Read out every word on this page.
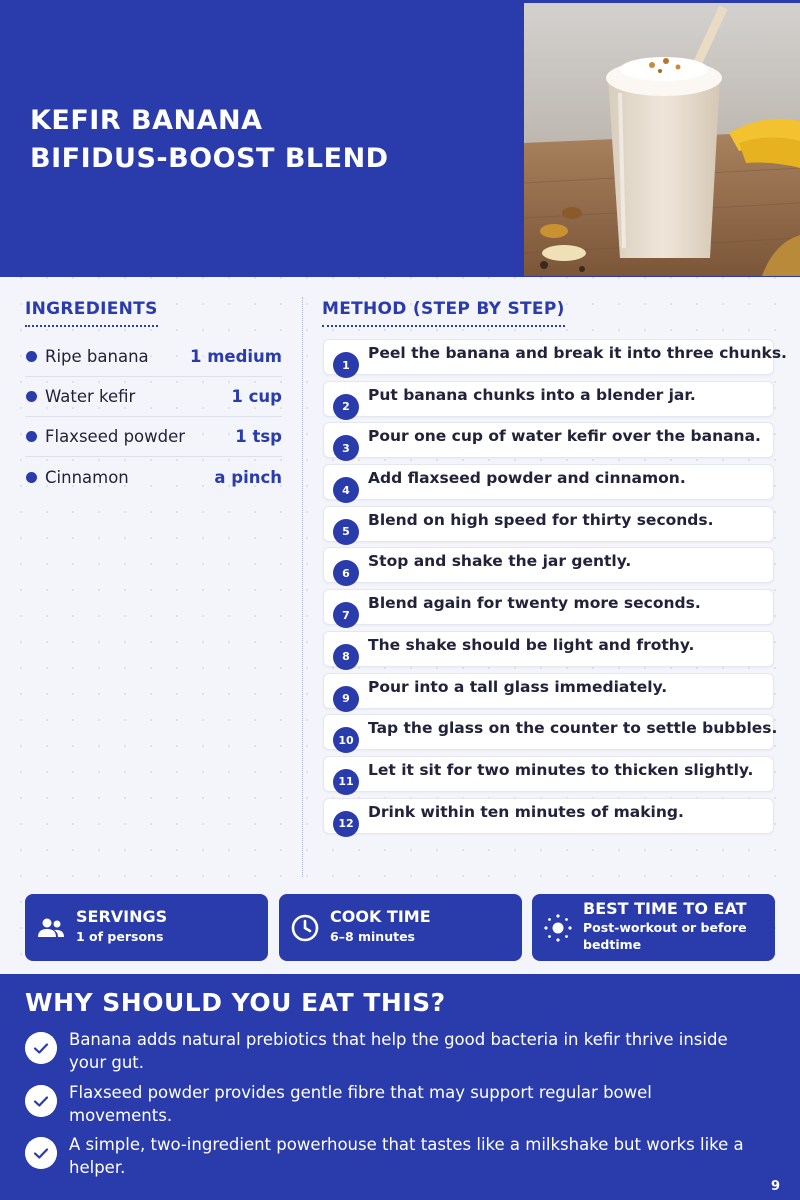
KEFIR BANANA
BIFIDUS-BOOST BLEND
INGREDIENTS	METHOD (STEP BY STEP)
Ripe banana	1 medium
Water kefir	1 cup
Flaxseed powder	1 tsp
Cinnamon	a pinch
1
Peel the banana and break it into three chunks.
2
Put banana chunks into a blender jar.
3
Pour one cup of water kefir over the banana.
4
Add flaxseed powder and cinnamon.
5
Blend on high speed for thirty seconds.
6
Stop and shake the jar gently.
7
Blend again for twenty more seconds.
8
The shake should be light and frothy.
9
Pour into a tall glass immediately.
10
Tap the glass on the counter to settle bubbles.
11
Let it sit for two minutes to thicken slightly.
12
Drink within ten minutes of making.
SERVINGS
1 of persons
COOK TIME
6–8 minutes
BEST TIME TO EAT
Post-workout or before
bedtime
WHY SHOULD YOU EAT THIS?
Banana adds natural prebiotics that help the good bacteria in kefir thrive inside
your gut.
Flaxseed powder provides gentle fibre that may support regular bowel
movements.
A simple, two-ingredient powerhouse that tastes like a milkshake but works like a
helper.
9
